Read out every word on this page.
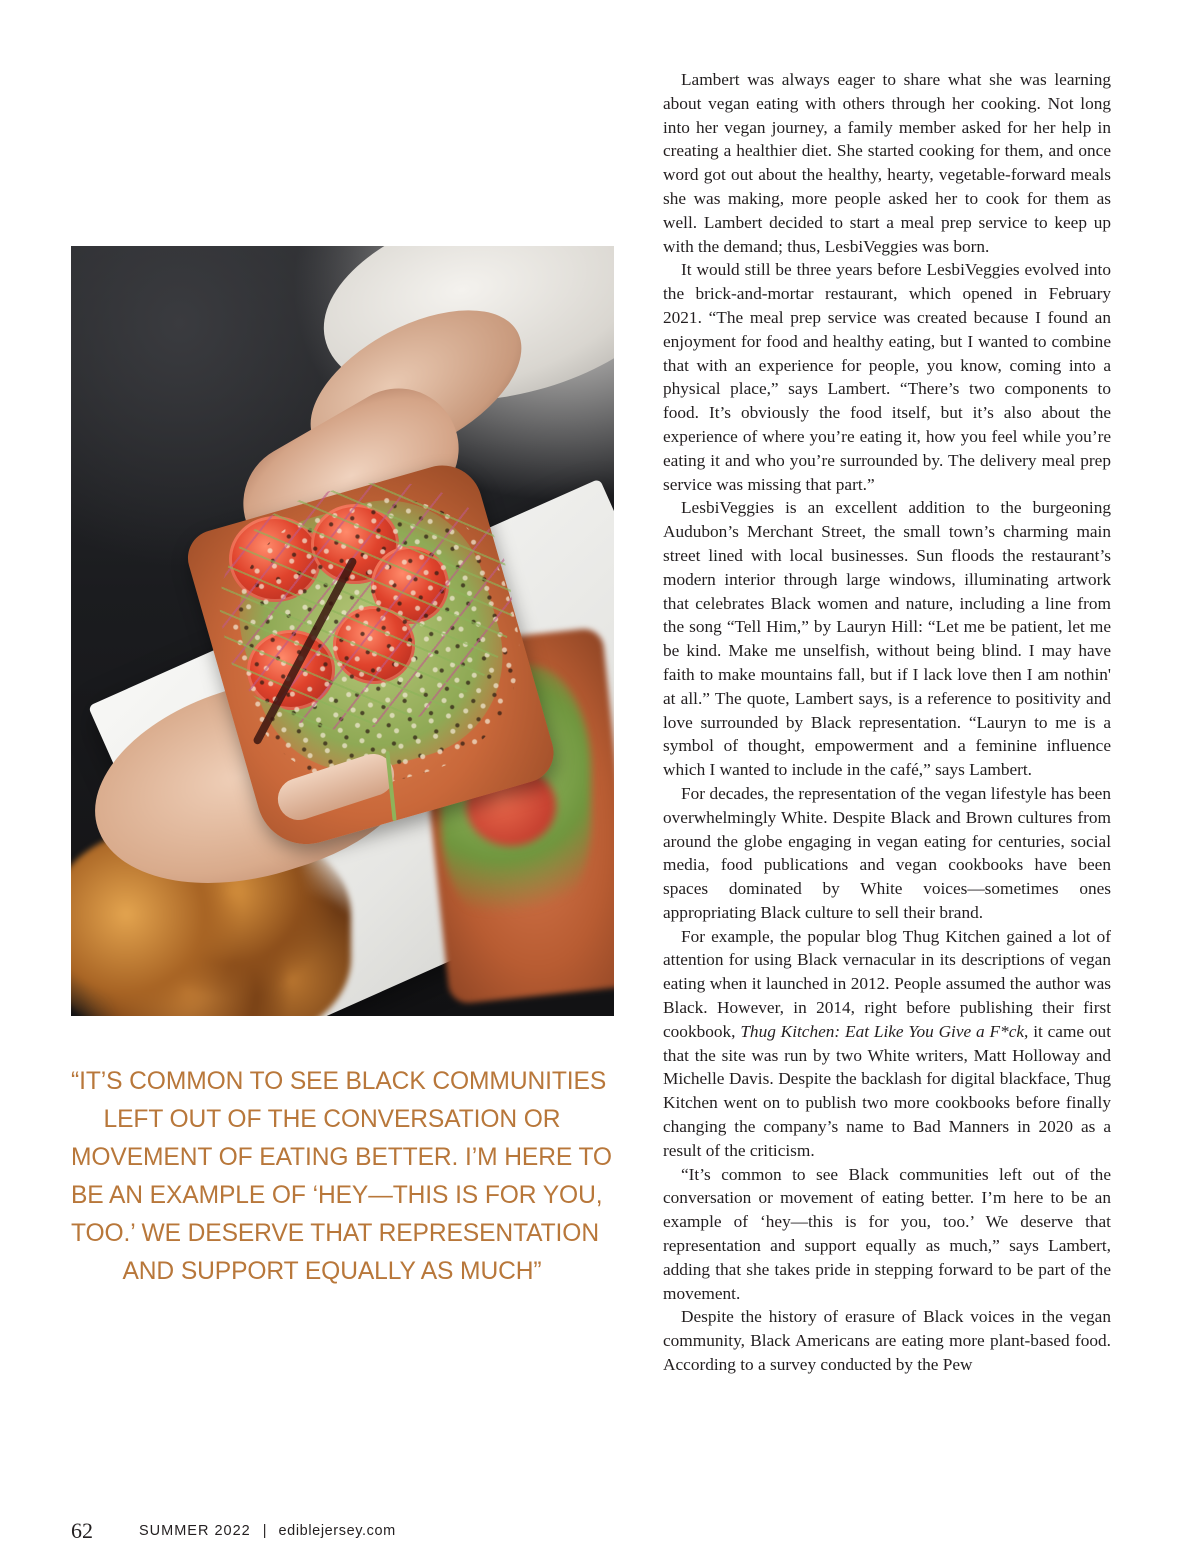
“IT’S COMMON TO SEE BLACK COMMUNITIES
LEFT OUT OF THE CONVERSATION OR
MOVEMENT OF EATING BETTER. I’M HERE TO
BE AN EXAMPLE OF ‘HEY—THIS IS FOR YOU,
TOO.’ WE DESERVE THAT REPRESENTATION
AND SUPPORT EQUALLY AS MUCH”

Lambert was always eager to share what she was learning about vegan eating with others through her cooking. Not long into her vegan journey, a family member asked for her help in creating a healthier diet. She started cooking for them, and once word got out about the healthy, hearty, vegetable-forward meals she was making, more people asked her to cook for them as well. Lambert decided to start a meal prep service to keep up with the demand; thus, LesbiVeggies was born.

It would still be three years before LesbiVeggies evolved into the brick-and-mortar restaurant, which opened in February 2021. “The meal prep service was created because I found an enjoyment for food and healthy eating, but I wanted to combine that with an experience for people, you know, coming into a physical place,” says Lambert. “There’s two components to food. It’s obviously the food itself, but it’s also about the experience of where you’re eating it, how you feel while you’re eating it and who you’re surrounded by. The delivery meal prep service was missing that part.”

LesbiVeggies is an excellent addition to the burgeoning Audubon’s Merchant Street, the small town’s charming main street lined with local businesses. Sun floods the restaurant’s modern interior through large windows, illuminating artwork that celebrates Black women and nature, including a line from the song “Tell Him,” by Lauryn Hill: “Let me be patient, let me be kind. Make me unselfish, without being blind. I may have faith to make mountains fall, but if I lack love then I am nothin' at all.” The quote, Lambert says, is a reference to positivity and love surrounded by Black representation. “Lauryn to me is a symbol of thought, empowerment and a feminine influence which I wanted to include in the café,” says Lambert.

For decades, the representation of the vegan lifestyle has been overwhelmingly White. Despite Black and Brown cultures from around the globe engaging in vegan eating for centuries, social media, food publications and vegan cookbooks have been spaces dominated by White voices—sometimes ones appropriating Black culture to sell their brand.

For example, the popular blog Thug Kitchen gained a lot of attention for using Black vernacular in its descriptions of vegan eating when it launched in 2012. People assumed the author was Black. However, in 2014, right before publishing their first cookbook, Thug Kitchen: Eat Like You Give a F*ck, it came out that the site was run by two White writers, Matt Holloway and Michelle Davis. Despite the backlash for digital blackface, Thug Kitchen went on to publish two more cookbooks before finally changing the company’s name to Bad Manners in 2020 as a result of the criticism.

“It’s common to see Black communities left out of the conversation or movement of eating better. I’m here to be an example of ‘hey—this is for you, too.’ We deserve that representation and support equally as much,” says Lambert, adding that she takes pride in stepping forward to be part of the movement.

Despite the history of erasure of Black voices in the vegan community, Black Americans are eating more plant-based food. According to a survey conducted by the Pew

62	SUMMER 2022 | ediblejersey.com
